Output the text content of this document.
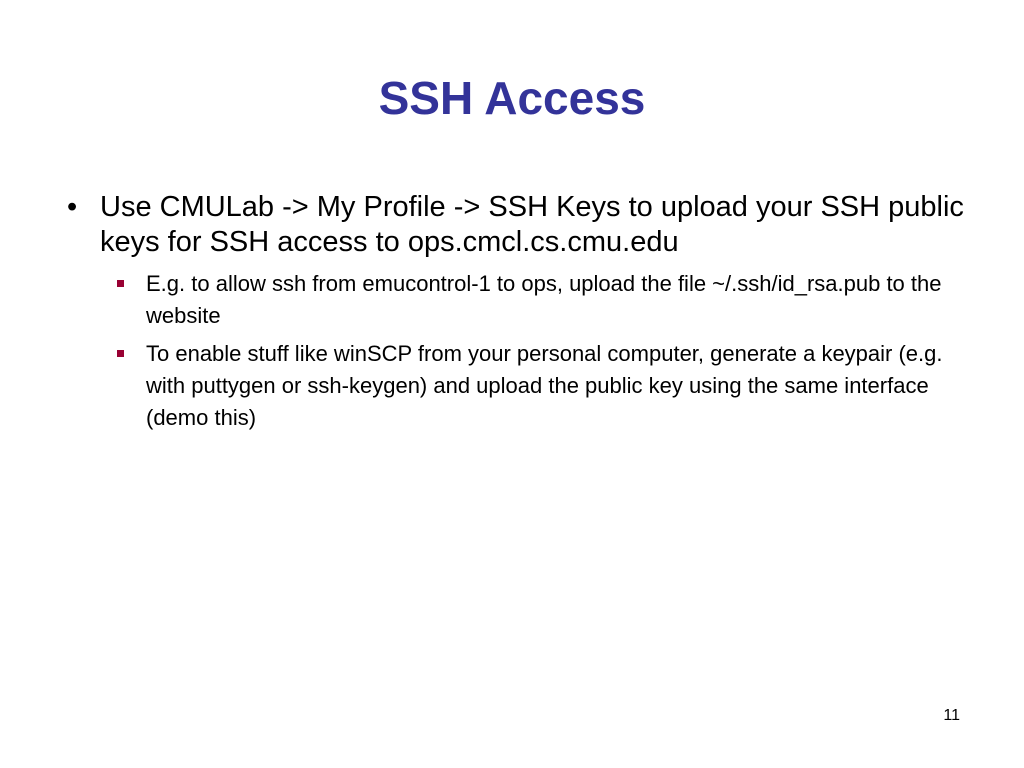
SSH Access
• Use CMULab -> My Profile -> SSH Keys to upload your SSH public keys for SSH access to ops.cmcl.cs.cmu.edu
E.g. to allow ssh from emucontrol-1 to ops, upload the file ~/.ssh/id_rsa.pub to the website
To enable stuff like winSCP from your personal computer, generate a keypair (e.g. with puttygen or ssh-keygen) and upload the public key using the same interface (demo this)

11
